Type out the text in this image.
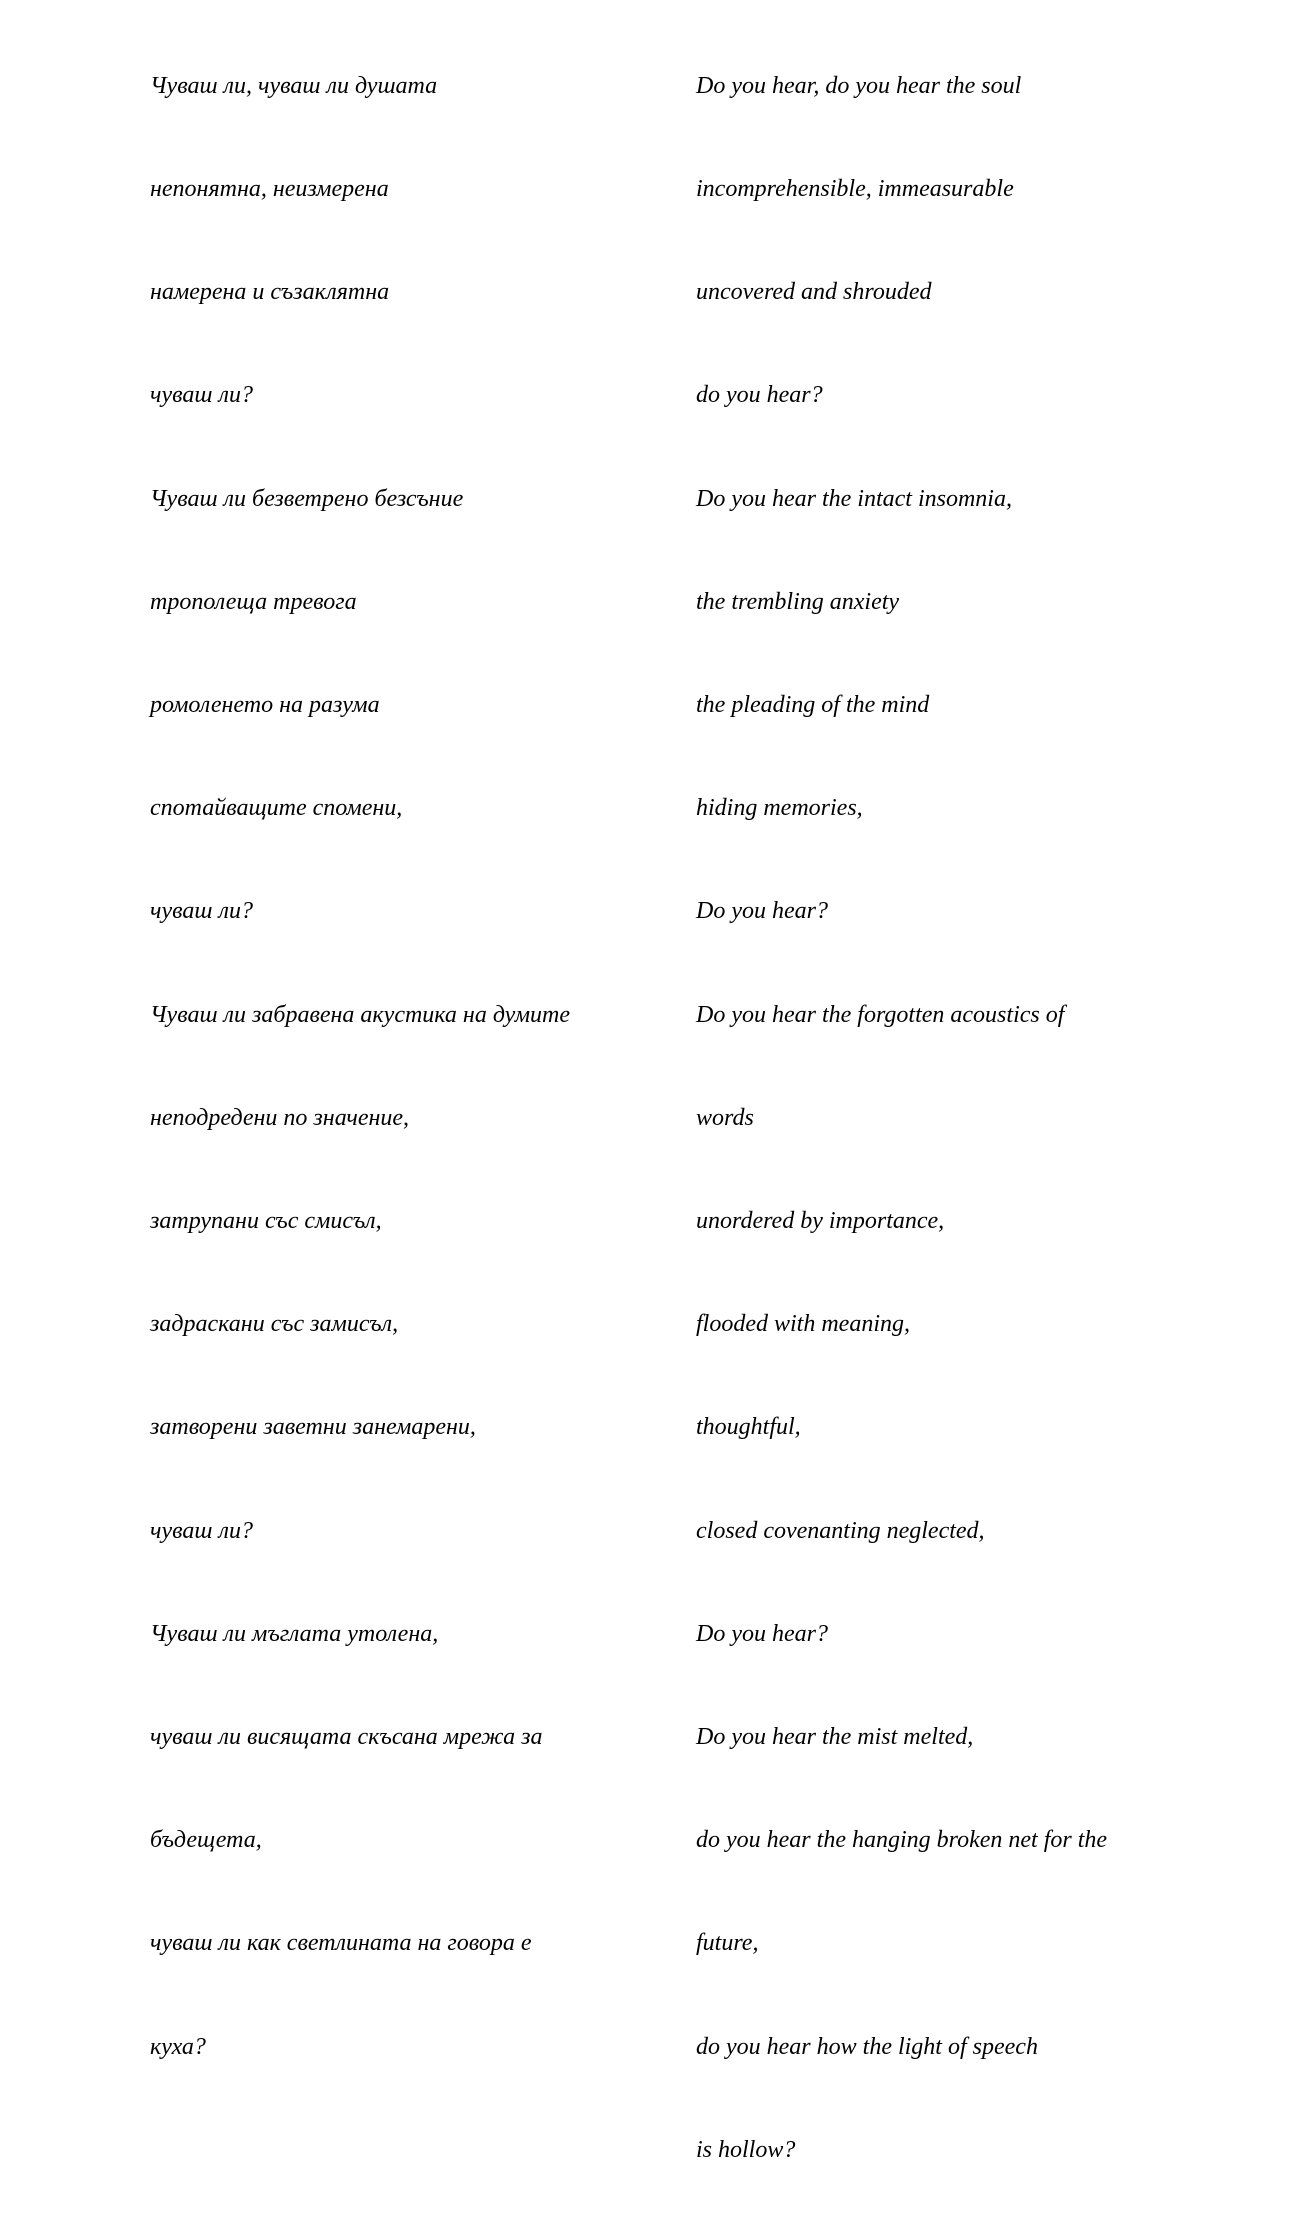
Чуваш ли, чуваш ли душата

непонятна, неизмерена

намерена и съзаклятна

чуваш ли?

Чуваш ли безветрено безсъние

трополеща тревога

ромоленето на разума

спотайващите спомени,

чуваш ли?

Чуваш ли забравена акустика на думите

неподредени по значение,

затрупани със смисъл,

задраскани със замисъл,

затворени заветни занемарени,

чуваш ли?

Чуваш ли мъглата утолена,

чуваш ли висящата скъсана мрежа за

бъдещета,

чуваш ли как светлината на говора е

куха?

Do you hear, do you hear the soul

incomprehensible, immeasurable

uncovered and shrouded

do you hear?

Do you hear the intact insomnia,

the trembling anxiety

the pleading of the mind

hiding memories,

Do you hear?

Do you hear the forgotten acoustics of

words

unordered by importance,

flooded with meaning,

thoughtful,

closed covenanting neglected,

Do you hear?

Do you hear the mist melted,

do you hear the hanging broken net for the

future,

do you hear how the light of speech

is hollow?
